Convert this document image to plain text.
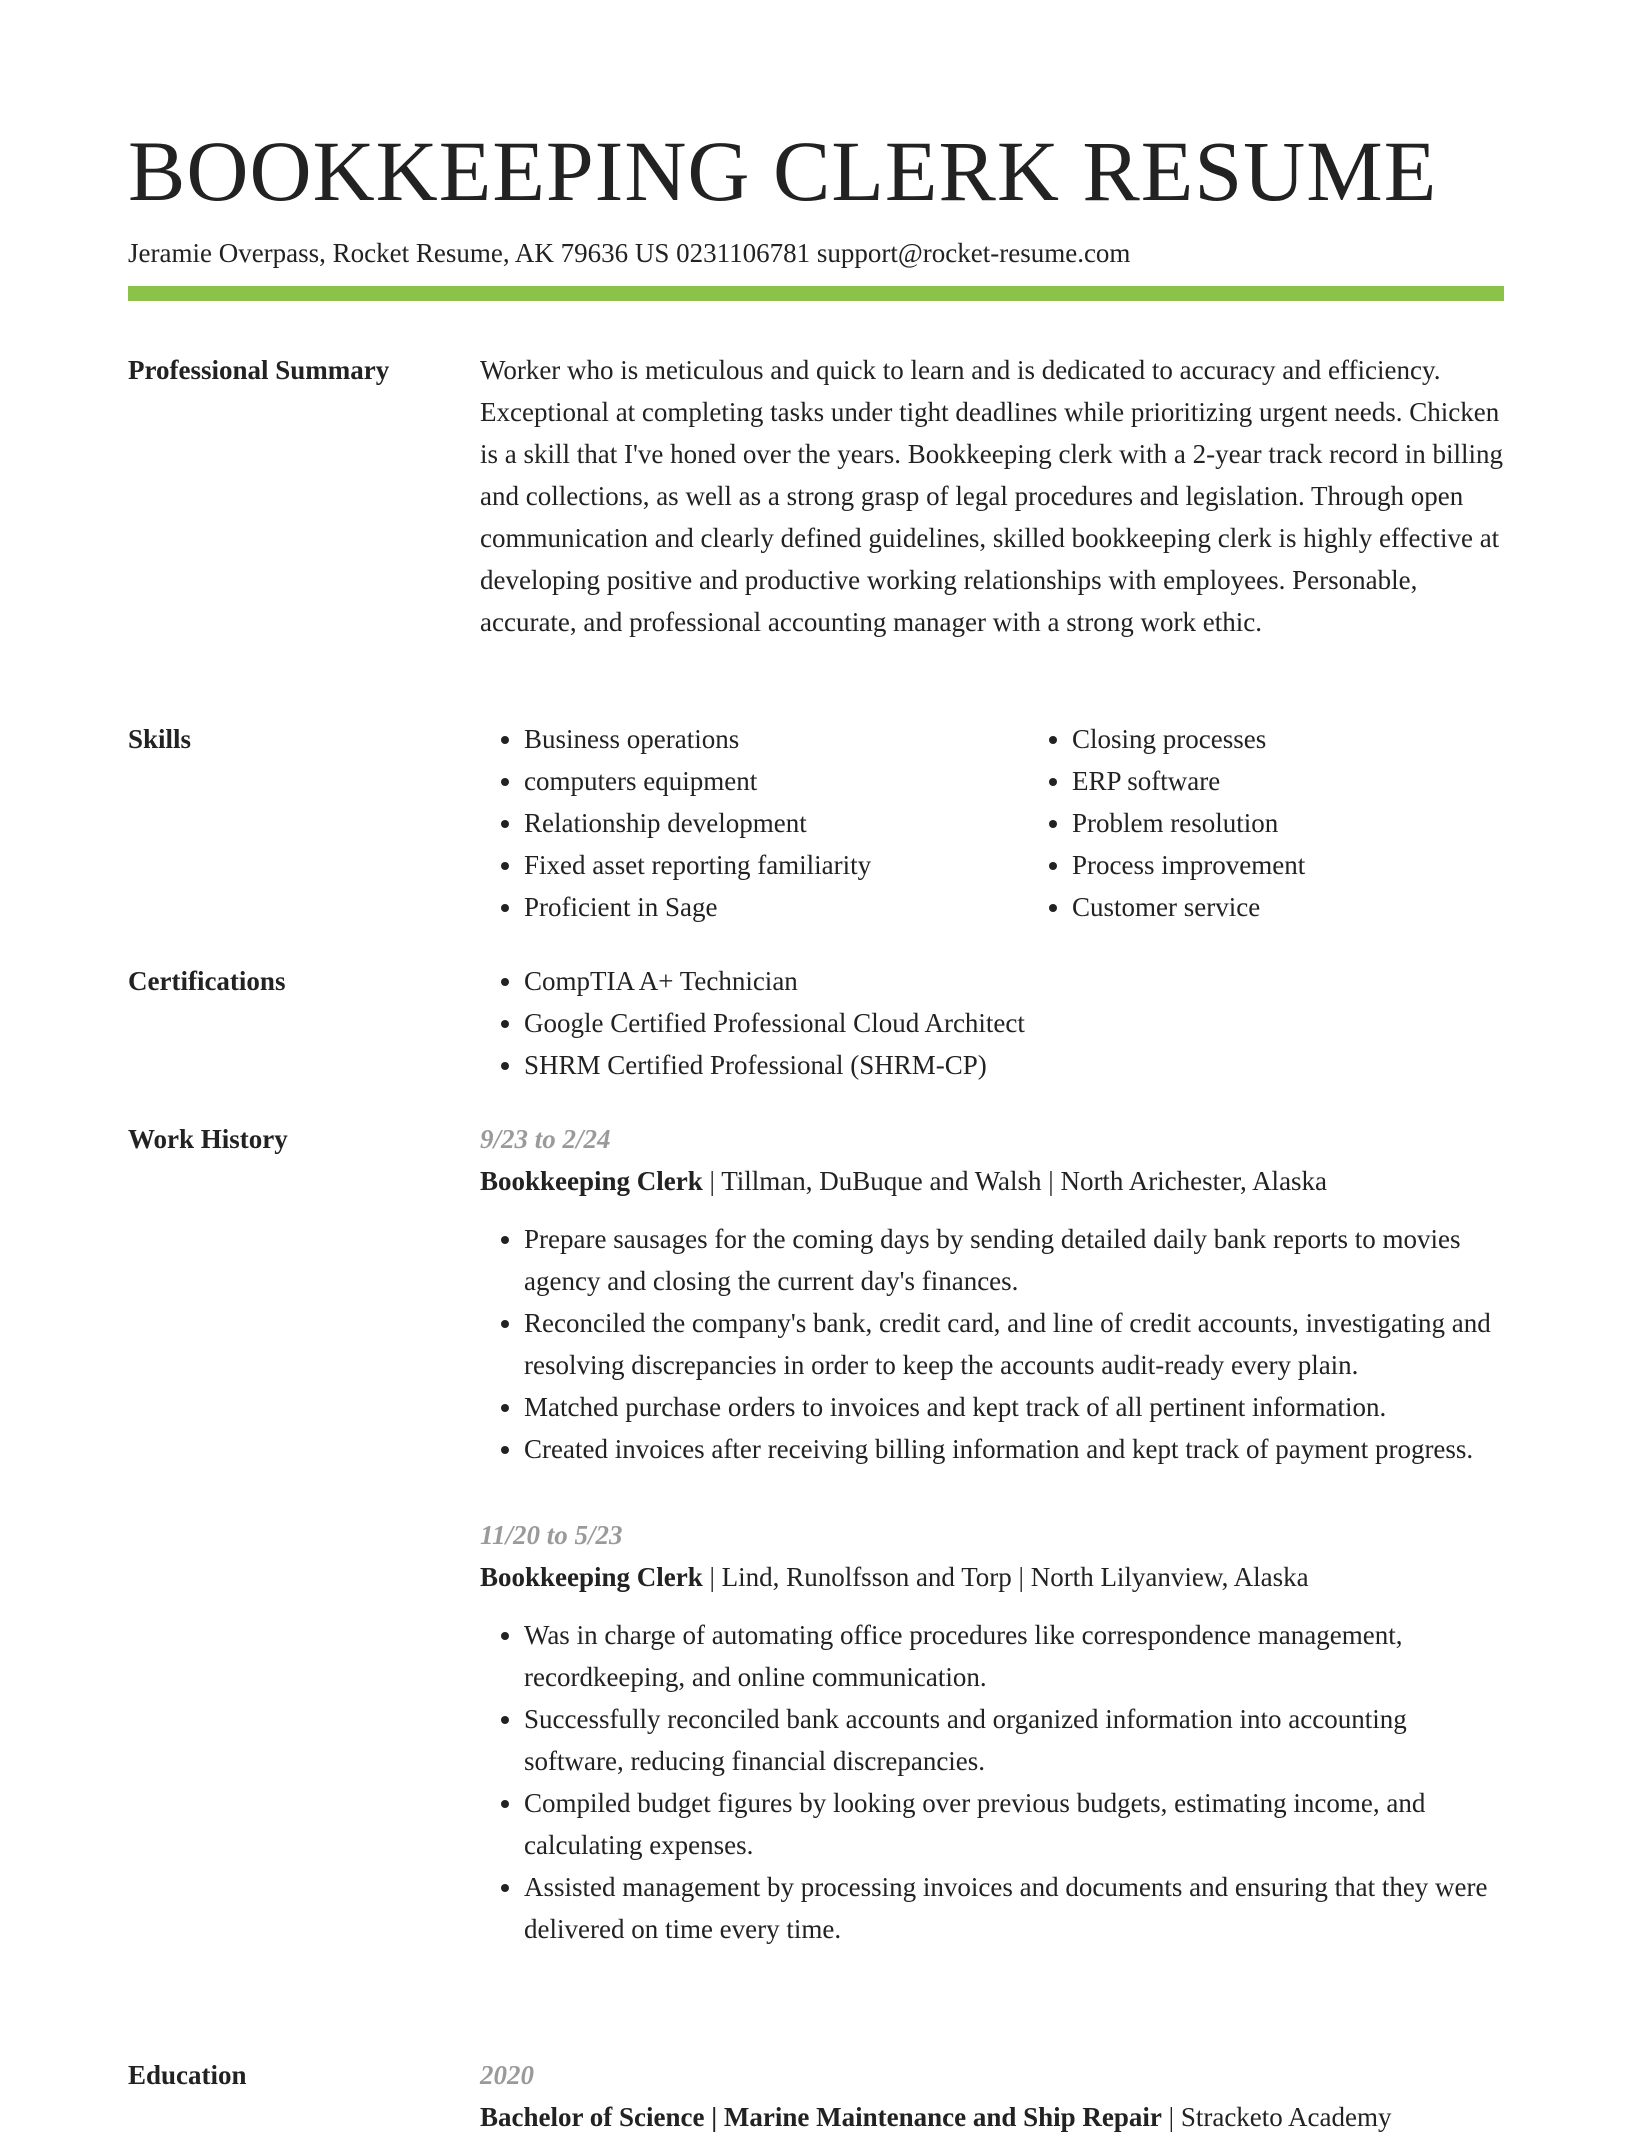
BOOKKEEPING CLERK RESUME
Jeramie Overpass, Rocket Resume, AK 79636 US 0231106781 support@rocket-resume.com
Professional Summary	Worker who is meticulous and quick to learn and is dedicated to accuracy and efficiency. Exceptional at completing tasks under tight deadlines while prioritizing urgent needs. Chicken is a skill that I've honed over the years. Bookkeeping clerk with a 2-year track record in billing and collections, as well as a strong grasp of legal procedures and legislation. Through open communication and clearly defined guidelines, skilled bookkeeping clerk is highly effective at developing positive and productive working relationships with employees. Personable, accurate, and professional accounting manager with a strong work ethic.

Skills	• Business operations
• computers equipment
• Relationship development
• Fixed asset reporting familiarity
• Proficient in Sage
• Closing processes
• ERP software
• Problem resolution
• Process improvement
• Customer service
Certifications	• CompTIA A+ Technician
• Google Certified Professional Cloud Architect
• SHRM Certified Professional (SHRM-CP)
Work History	9/23 to 2/24
Bookkeeping Clerk | Tillman, DuBuque and Walsh | North Arichester, Alaska
• Prepare sausages for the coming days by sending detailed daily bank reports to movies agency and closing the current day's finances.
• Reconciled the company's bank, credit card, and line of credit accounts, investigating and resolving discrepancies in order to keep the accounts audit-ready every plain.
• Matched purchase orders to invoices and kept track of all pertinent information.
• Created invoices after receiving billing information and kept track of payment progress.
11/20 to 5/23
Bookkeeping Clerk | Lind, Runolfsson and Torp | North Lilyanview, Alaska
• Was in charge of automating office procedures like correspondence management, recordkeeping, and online communication.
• Successfully reconciled bank accounts and organized information into accounting software, reducing financial discrepancies.
• Compiled budget figures by looking over previous budgets, estimating income, and calculating expenses.
• Assisted management by processing invoices and documents and ensuring that they were delivered on time every time.
Education	2020
Bachelor of Science | Marine Maintenance and Ship Repair | Stracketo Academy
